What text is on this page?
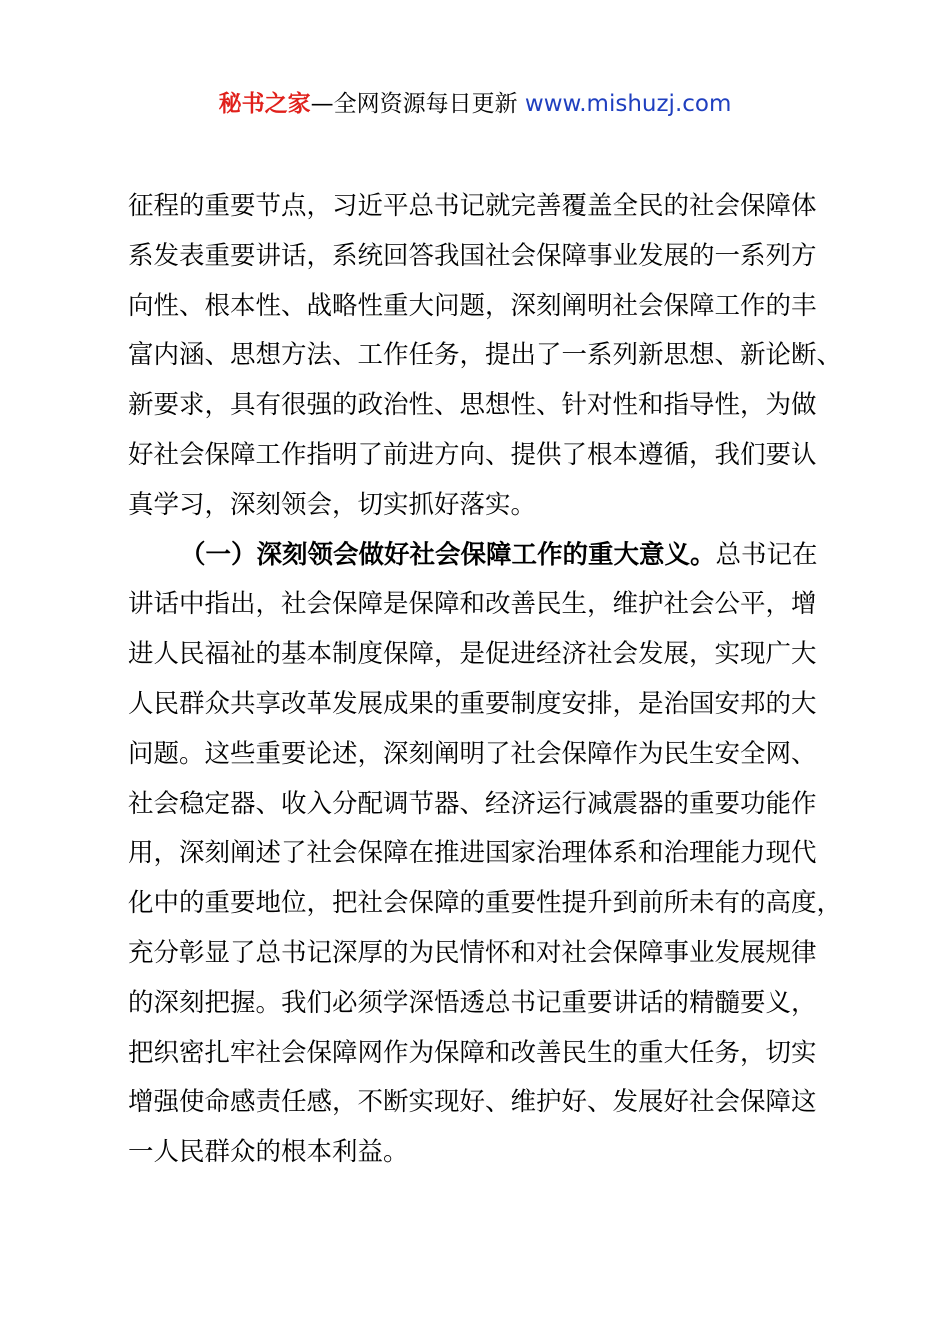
秘书之家—全网资源每日更新 www.mishuzj.com
征程的重要节点，习近平总书记就完善覆盖全民的社会保障体
系发表重要讲话，系统回答我国社会保障事业发展的一系列方
向性、根本性、战略性重大问题，深刻阐明社会保障工作的丰
富内涵、思想方法、工作任务，提出了一系列新思想、新论断、
新要求，具有很强的政治性、思想性、针对性和指导性，为做
好社会保障工作指明了前进方向、提供了根本遵循，我们要认
真学习，深刻领会，切实抓好落实。
（一）深刻领会做好社会保障工作的重大意义。总书记在
讲话中指出，社会保障是保障和改善民生，维护社会公平，增
进人民福祉的基本制度保障，是促进经济社会发展，实现广大
人民群众共享改革发展成果的重要制度安排，是治国安邦的大
问题。这些重要论述，深刻阐明了社会保障作为民生安全网、
社会稳定器、收入分配调节器、经济运行减震器的重要功能作
用，深刻阐述了社会保障在推进国家治理体系和治理能力现代
化中的重要地位，把社会保障的重要性提升到前所未有的高度，
充分彰显了总书记深厚的为民情怀和对社会保障事业发展规律
的深刻把握。我们必须学深悟透总书记重要讲话的精髓要义，
把织密扎牢社会保障网作为保障和改善民生的重大任务，切实
增强使命感责任感，不断实现好、维护好、发展好社会保障这
一人民群众的根本利益。
